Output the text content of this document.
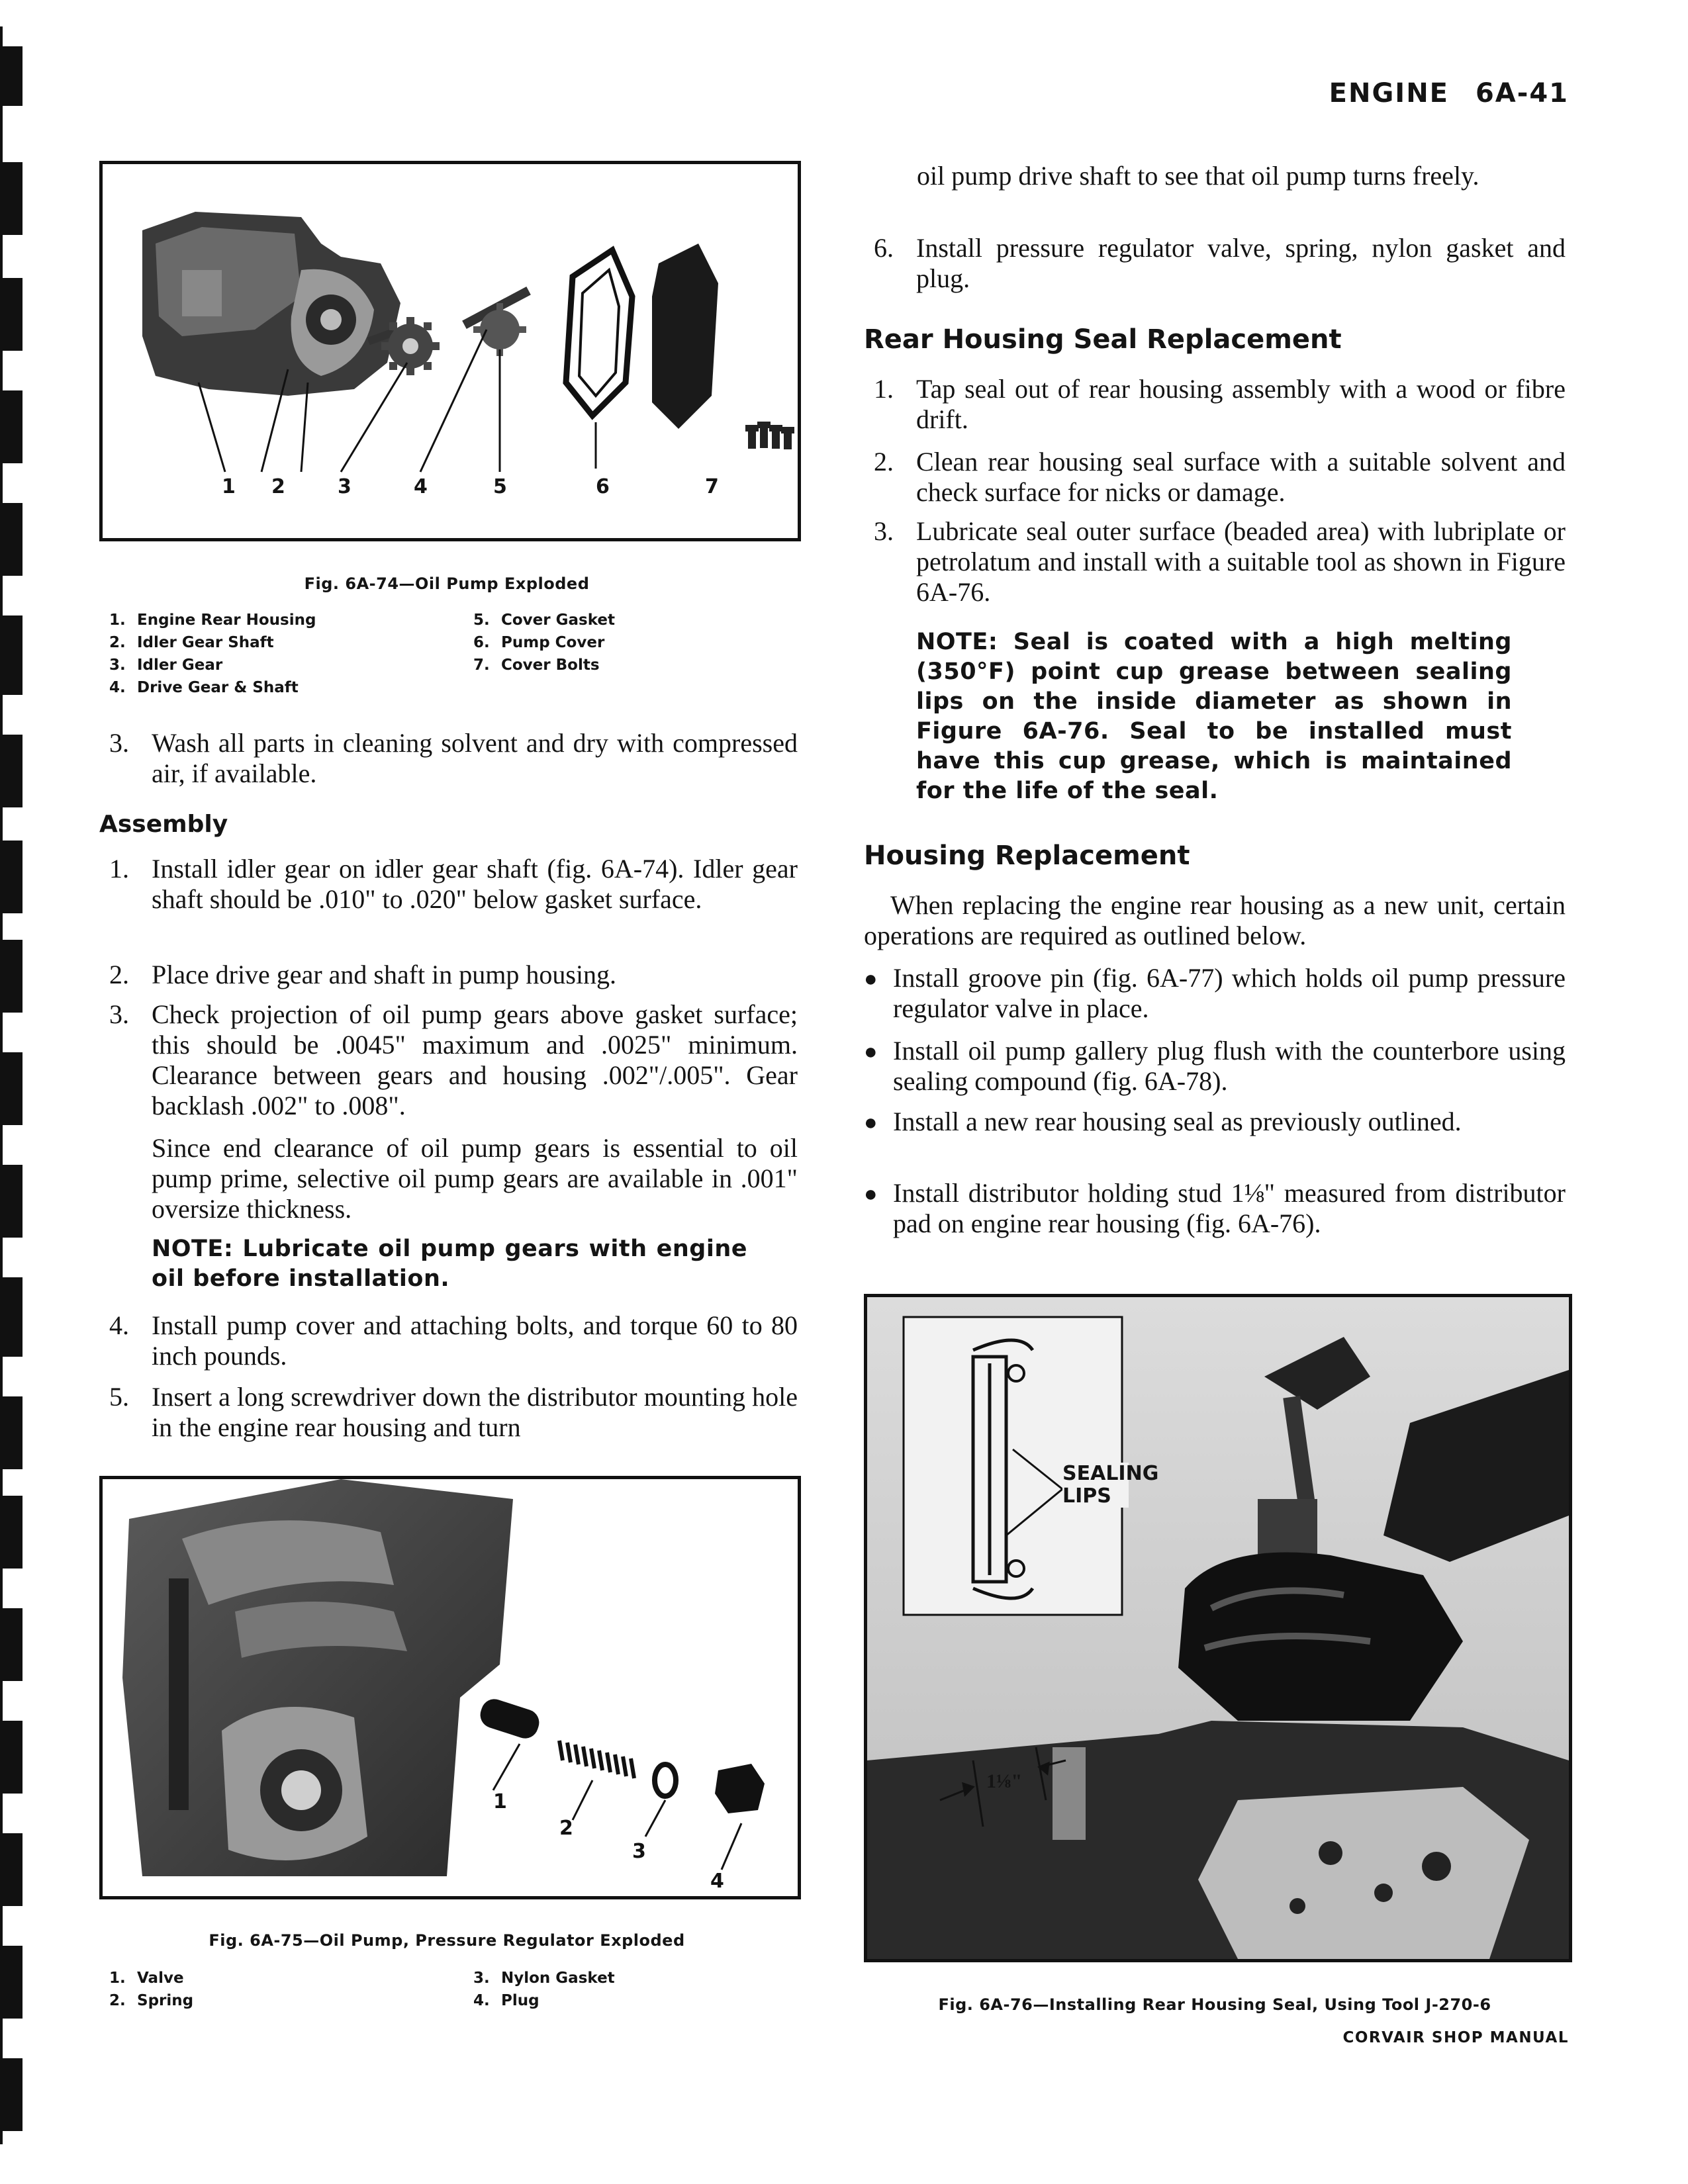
ENGINE 6A-41
1 2	3	4	5	6	7
Fig. 6A-74—Oil Pump Exploded
1. Engine Rear Housing
2. Idler Gear Shaft
3. Idler Gear
4. Drive Gear & Shaft
5. Cover Gasket
6. Pump Cover
7. Cover Bolts
3. Wash all parts in cleaning solvent and dry with compressed air, if available.
Assembly
1. Install idler gear on idler gear shaft (fig. 6A-74). Idler gear shaft should be .010" to .020" below gasket surface.
2. Place drive gear and shaft in pump housing.
3. Check projection of oil pump gears above gasket surface; this should be .0045" maximum and .0025" minimum. Clearance between gears and housing .002"/.005". Gear backlash .002" to .008".
Since end clearance of oil pump gears is essential to oil pump prime, selective oil pump gears are available in .001" oversize thickness.
NOTE: Lubricate oil pump gears with engine oil before installation.
4. Install pump cover and attaching bolts, and torque 60 to 80 inch pounds.
5. Insert a long screwdriver down the distributor mounting hole in the engine rear housing and turn
1
2
3
4
Fig. 6A-75—Oil Pump, Pressure Regulator Exploded
1. Valve
2. Spring
3. Nylon Gasket
4. Plug
oil pump drive shaft to see that oil pump turns freely.
6. Install pressure regulator valve, spring, nylon gasket and plug.
Rear Housing Seal Replacement
1. Tap seal out of rear housing assembly with a wood or fibre drift.
2. Clean rear housing seal surface with a suitable solvent and check surface for nicks or damage.
3. Lubricate seal outer surface (beaded area) with lubriplate or petrolatum and install with a suitable tool as shown in Figure 6A-76.
NOTE: Seal is coated with a high melting (350°F) point cup grease between sealing lips on the inside diameter as shown in Figure 6A-76. Seal to be installed must have this cup grease, which is maintained for the life of the seal.
Housing Replacement
When replacing the engine rear housing as a new unit, certain operations are required as outlined below.
● Install groove pin (fig. 6A-77) which holds oil pump pressure regulator valve in place.
● Install oil pump gallery plug flush with the counterbore using sealing compound (fig. 6A-78).
● Install a new rear housing seal as previously outlined.
● Install distributor holding stud 1⅛" measured from distributor pad on engine rear housing (fig. 6A-76).
SEALING LIPS
1⅛"
Fig. 6A-76—Installing Rear Housing Seal, Using Tool J-270-6
CORVAIR SHOP MANUAL
